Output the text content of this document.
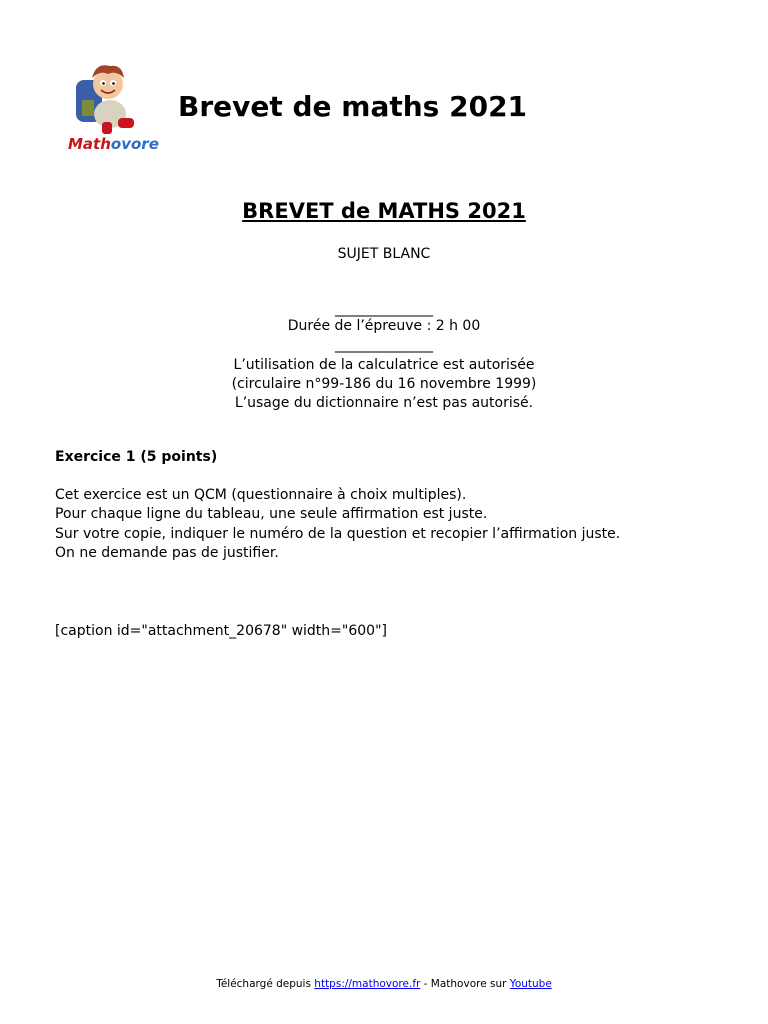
Mathovore
Brevet de maths 2021
BREVET de MATHS 2021
SUJET BLANC
______________
Durée de l’épreuve : 2 h 00
______________
L’utilisation de la calculatrice est autorisée
(circulaire n°99-186 du 16 novembre 1999)
L’usage du dictionnaire n’est pas autorisé.
Exercice 1 (5 points)
Cet exercice est un QCM (questionnaire à choix multiples).
Pour chaque ligne du tableau, une seule affirmation est juste.
Sur votre copie, indiquer le numéro de la question et recopier l’affirmation juste.
On ne demande pas de justifier.
[caption id="attachment_20678" width="600"]
Téléchargé depuis https://mathovore.fr - Mathovore sur Youtube
